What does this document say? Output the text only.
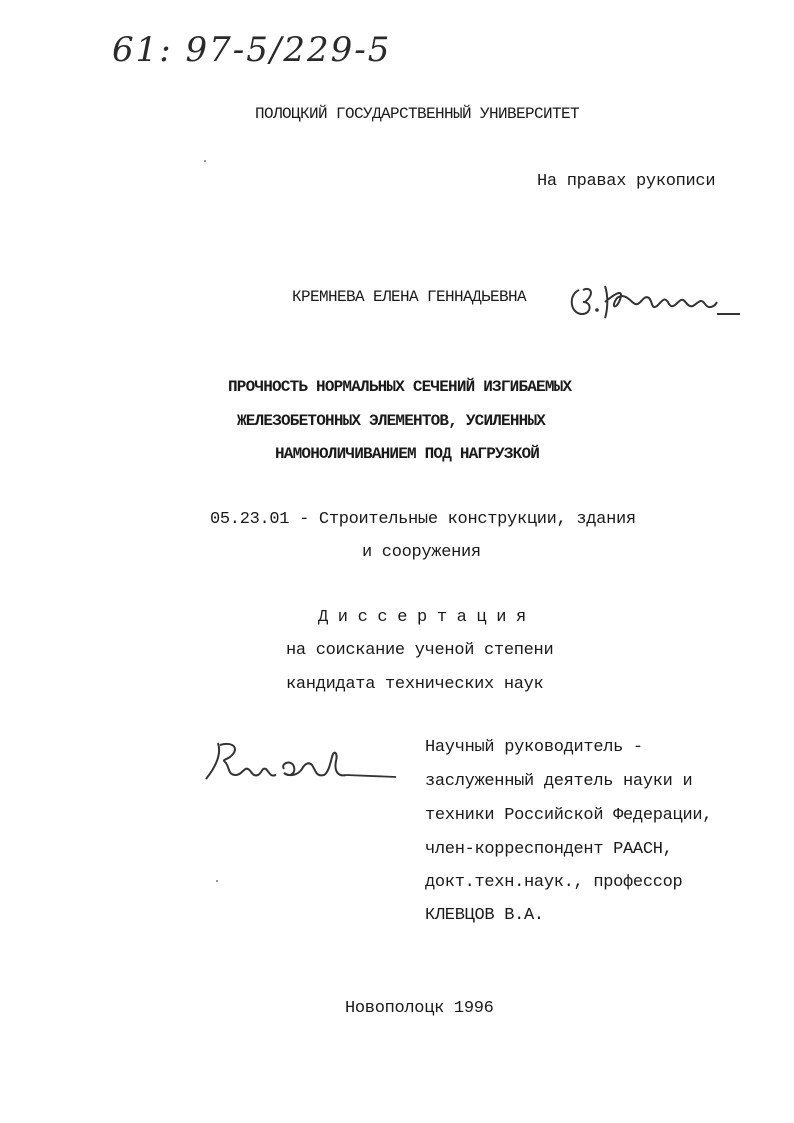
61: 97-5/229-5
ПОЛОЦКИЙ ГОСУДАРСТВЕННЫЙ УНИВЕРСИТЕТ
На правах рукописи
КРЕМНЕВА ЕЛЕНА ГЕННАДЬЕВНА
ПРОЧНОСТЬ НОРМАЛЬНЫХ СЕЧЕНИЙ ИЗГИБАЕМЫХ
ЖЕЛЕЗОБЕТОННЫХ ЭЛЕМЕНТОВ, УСИЛЕННЫХ
НАМОНОЛИЧИВАНИЕМ ПОД НАГРУЗКОЙ
05.23.01 - Строительные конструкции, здания
и сооружения
Д и с с е р т а ц и я
на соискание ученой степени
кандидата технических наук
Научный руководитель -
заслуженный деятель науки и
техники Российской Федерации,
член-корреспондент РААСН,
докт.техн.наук., профессор
КЛЕВЦОВ В.А.
Новополоцк 1996
